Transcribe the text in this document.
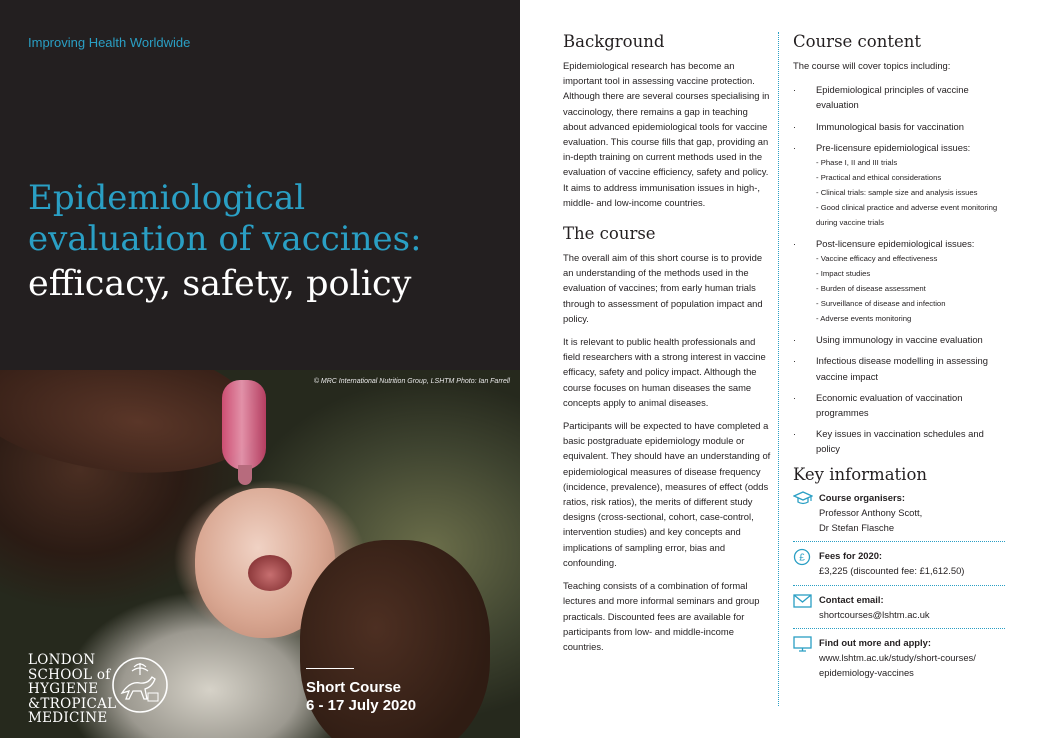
Improving Health Worldwide
Epidemiological
evaluation of vaccines:
efficacy, safety, policy
© MRC International Nutrition Group, LSHTM Photo: Ian Farrell
LONDON
SCHOOL of
HYGIENE
&TROPICAL
MEDICINE
Short Course
6 - 17 July 2020
Background

Epidemiological research has become an important tool in assessing vaccine protection. Although there are several courses specialising in vaccinology, there remains a gap in teaching about advanced epidemiological tools for vaccine evaluation. This course fills that gap, providing an in-depth training on current methods used in the evaluation of vaccine efficiency, safety and policy. It aims to address immunisation issues in high-, middle- and low-income countries.

The course

The overall aim of this short course is to provide an understanding of the methods used in the evaluation of vaccines; from early human trials through to assessment of population impact and policy.

It is relevant to public health professionals and field researchers with a strong interest in vaccine efficacy, safety and policy impact. Although the course focuses on human diseases the same concepts apply to animal diseases.

Participants will be expected to have completed a basic postgraduate epidemiology module or equivalent. They should have an understanding of epidemiological measures of disease frequency (incidence, prevalence), measures of effect (odds ratios, risk ratios), the merits of different study designs (cross-sectional, cohort, case-control, intervention studies) and key concepts and implications of sampling error, bias and confounding.

Teaching consists of a combination of formal lectures and more informal seminars and group practicals. Discounted fees are available for participants from low- and middle-income countries.

Course content
The course will cover topics including:
· Epidemiological principles of vaccine evaluation
· Immunological basis for vaccination
· Pre-licensure epidemiological issues:
- Phase I, II and III trials
- Practical and ethical considerations
- Clinical trials: sample size and analysis issues
- Good clinical practice and adverse event monitoring during vaccine trials
· Post-licensure epidemiological issues:
- Vaccine efficacy and effectiveness
- Impact studies
- Burden of disease assessment
- Surveillance of disease and infection
- Adverse events monitoring
· Using immunology in vaccine evaluation
· Infectious disease modelling in assessing vaccine impact
· Economic evaluation of vaccination programmes
· Key issues in vaccination schedules and policy
Key information
Course organisers:
Professor Anthony Scott,
Dr Stefan Flasche
£ Fees for 2020:
£3,225 (discounted fee: £1,612.50)
Contact email:
shortcourses@lshtm.ac.uk
Find out more and apply:
www.lshtm.ac.uk/study/short-courses/
epidemiology-vaccines
